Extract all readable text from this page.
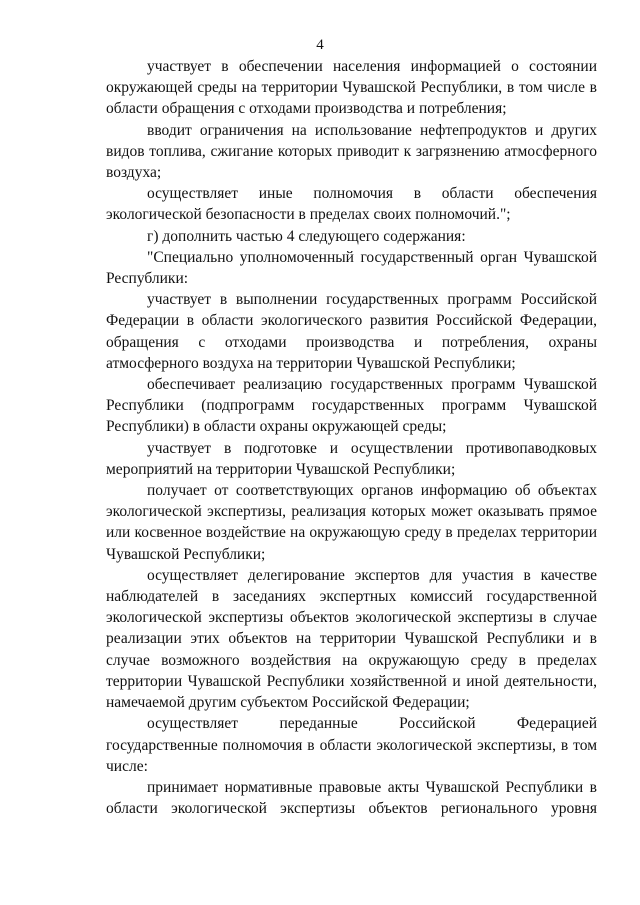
4

участвует в обеспечении населения информацией о состоянии окружающей среды на территории Чувашской Республики, в том числе в области обращения с отходами производства и потребления;

вводит ограничения на использование нефтепродуктов и других видов топлива, сжигание которых приводит к загрязнению атмосферного воздуха;

осуществляет иные полномочия в области обеспечения экологической безопасности в пределах своих полномочий.";

г) дополнить частью 4 следующего содержания:

"Специально уполномоченный государственный орган Чувашской Республики:

участвует в выполнении государственных программ Российской Федерации в области экологического развития Российской Федерации, обращения с отходами производства и потребления, охраны атмосферного воздуха на территории Чувашской Республики;

обеспечивает реализацию государственных программ Чувашской Республики (подпрограмм государственных программ Чувашской Республики) в области охраны окружающей среды;

участвует в подготовке и осуществлении противопаводковых мероприятий на территории Чувашской Республики;

получает от соответствующих органов информацию об объектах экологической экспертизы, реализация которых может оказывать прямое или косвенное воздействие на окружающую среду в пределах территории Чувашской Республики;

осуществляет делегирование экспертов для участия в качестве наблюдателей в заседаниях экспертных комиссий государственной экологической экспертизы объектов экологической экспертизы в случае реализации этих объектов на территории Чувашской Республики и в случае возможного воздействия на окружающую среду в пределах территории Чувашской Республики хозяйственной и иной деятельности, намечаемой другим субъектом Российской Федерации;

осуществляет переданные Российской Федерацией государственные полномочия в области экологической экспертизы, в том числе:

принимает нормативные правовые акты Чувашской Республики в области экологической экспертизы объектов регионального уровня
